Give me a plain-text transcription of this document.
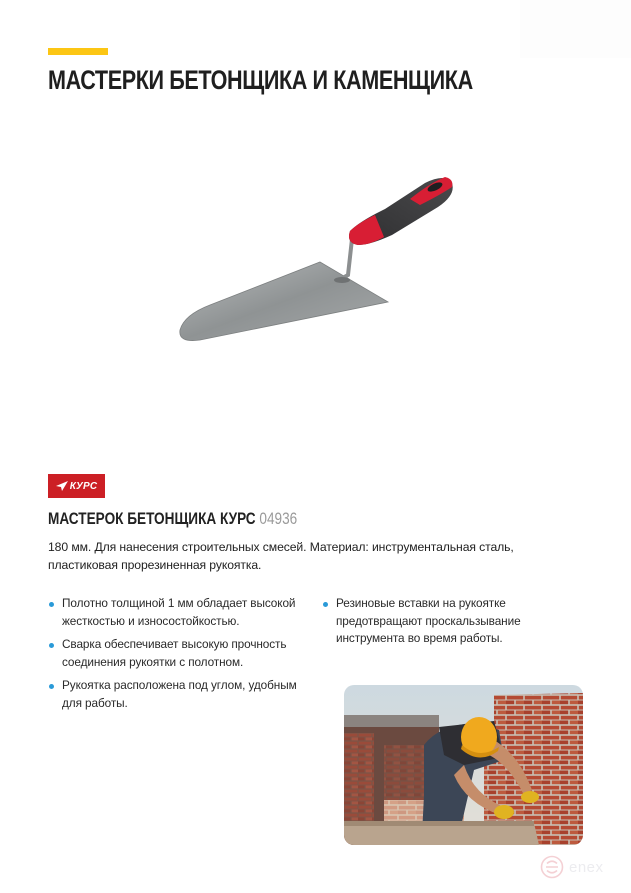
МАСТЕРКИ БЕТОНЩИКА И КАМЕНЩИКА
КУРС
МАСТЕРОК БЕТОНЩИКА КУРС 04936

180 мм. Для нанесения строительных смесей. Материал: инструментальная сталь, пластиковая прорезиненная рукоятка.

Полотно толщиной 1 мм обладает высокой жесткостью и износостойкостью.
Сварка обеспечивает высокую прочность соединения рукоятки с полотном.
Рукоятка расположена под углом, удобным для работы.
Резиновые вставки на рукоятке предотвращают проскальзывание инструмента во время работы.
enex
